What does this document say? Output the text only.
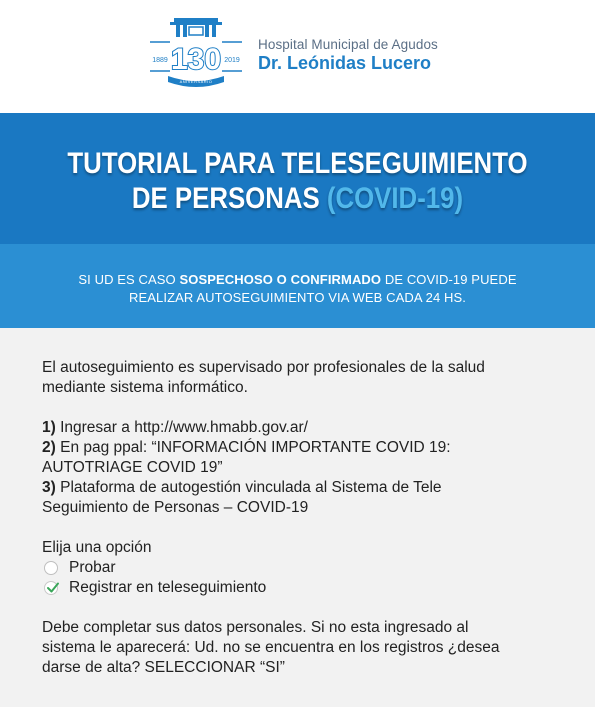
130
1889	2019
ANIVERSARIO
Hospital Municipal de Agudos
Dr. Leónidas Lucero
TUTORIAL PARA TELESEGUIMIENTO
DE PERSONAS (COVID-19)
SI UD ES CASO SOSPECHOSO O CONFIRMADO DE COVID-19 PUEDE
REALIZAR AUTOSEGUIMIENTO VIA WEB CADA 24 HS.

El autoseguimiento es supervisado por profesionales de la salud

mediante sistema informático.

1) Ingresar a http://www.hmabb.gov.ar/

2) En pag ppal: “INFORMACIÓN IMPORTANTE COVID 19:

AUTOTRIAGE COVID 19”

3) Plataforma de autogestión vinculada al Sistema de Tele

Seguimiento de Personas – COVID-19

Elija una opción

Probar
Registrar en teleseguimiento

Debe completar sus datos personales. Si no esta ingresado al

sistema le aparecerá: Ud. no se encuentra en los registros ¿desea

darse de alta? SELECCIONAR “SI”
